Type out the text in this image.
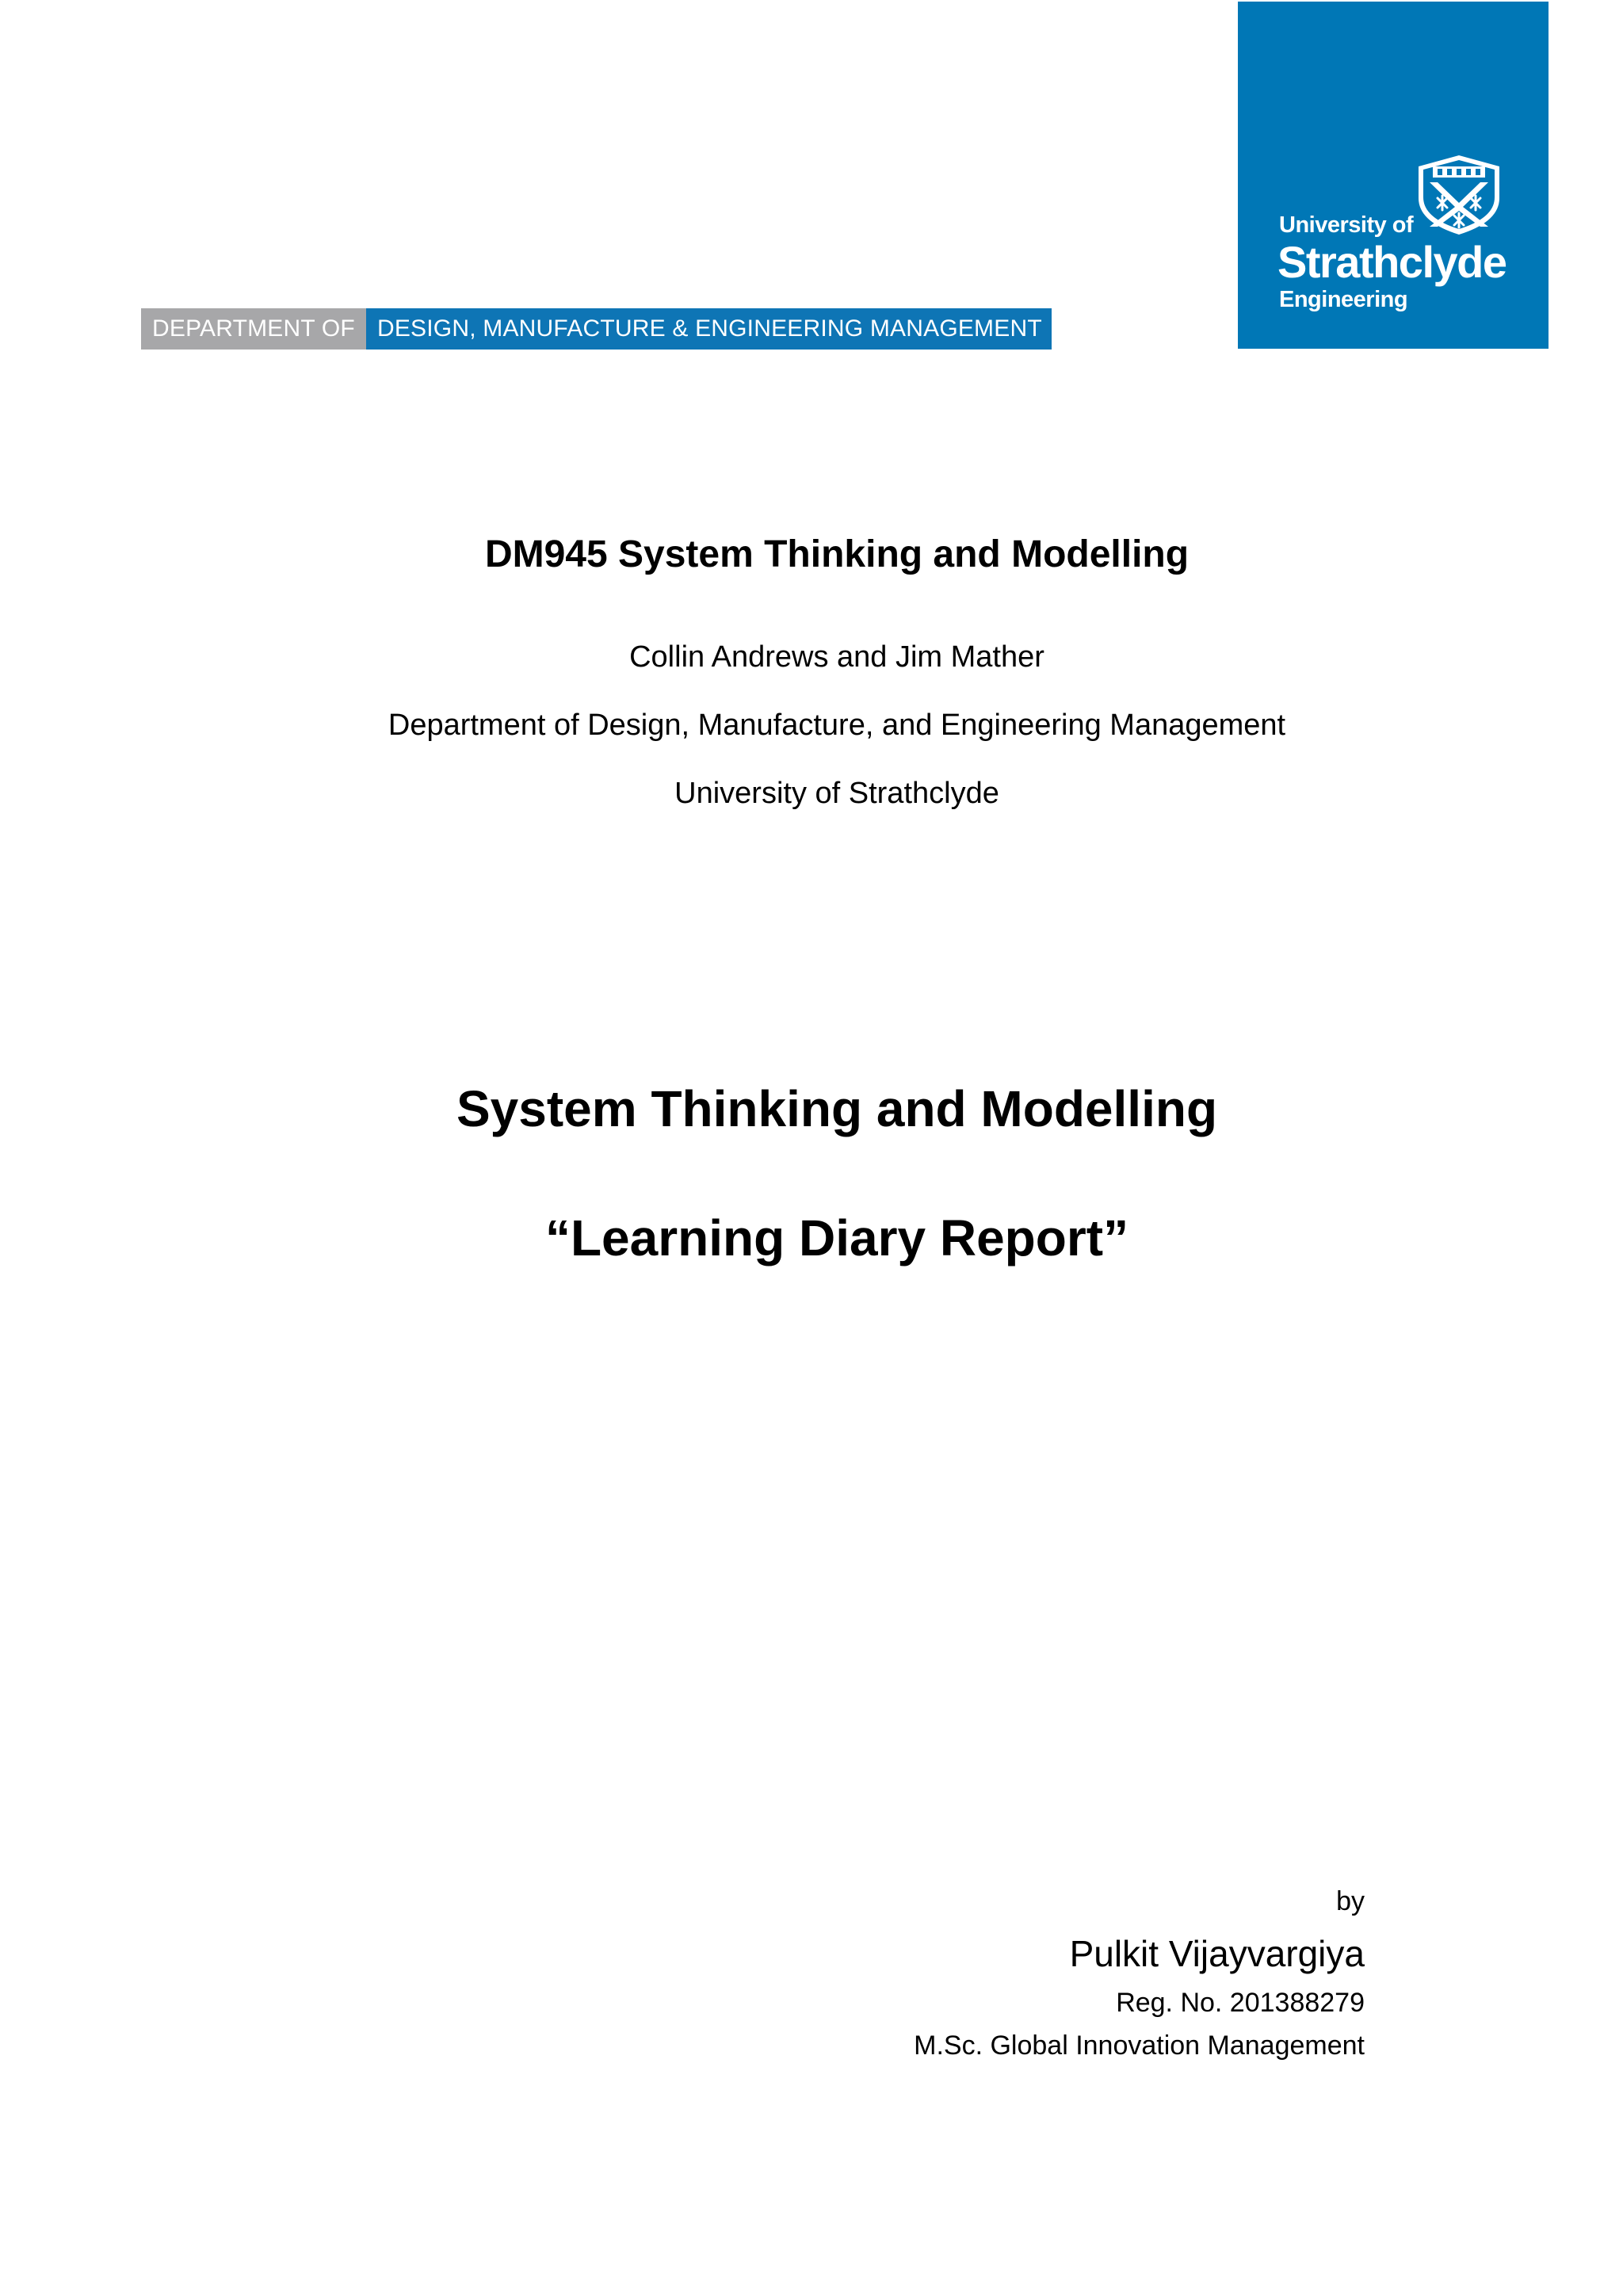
DEPARTMENT OF DESIGN, MANUFACTURE & ENGINEERING MANAGEMENT
University of
Strathclyde
Engineering
DM945 System Thinking and Modelling
Collin Andrews and Jim Mather
Department of Design, Manufacture, and Engineering Management
University of Strathclyde
System Thinking and Modelling
“Learning Diary Report”
by
Pulkit Vijayvargiya
Reg. No. 201388279
M.Sc. Global Innovation Management
